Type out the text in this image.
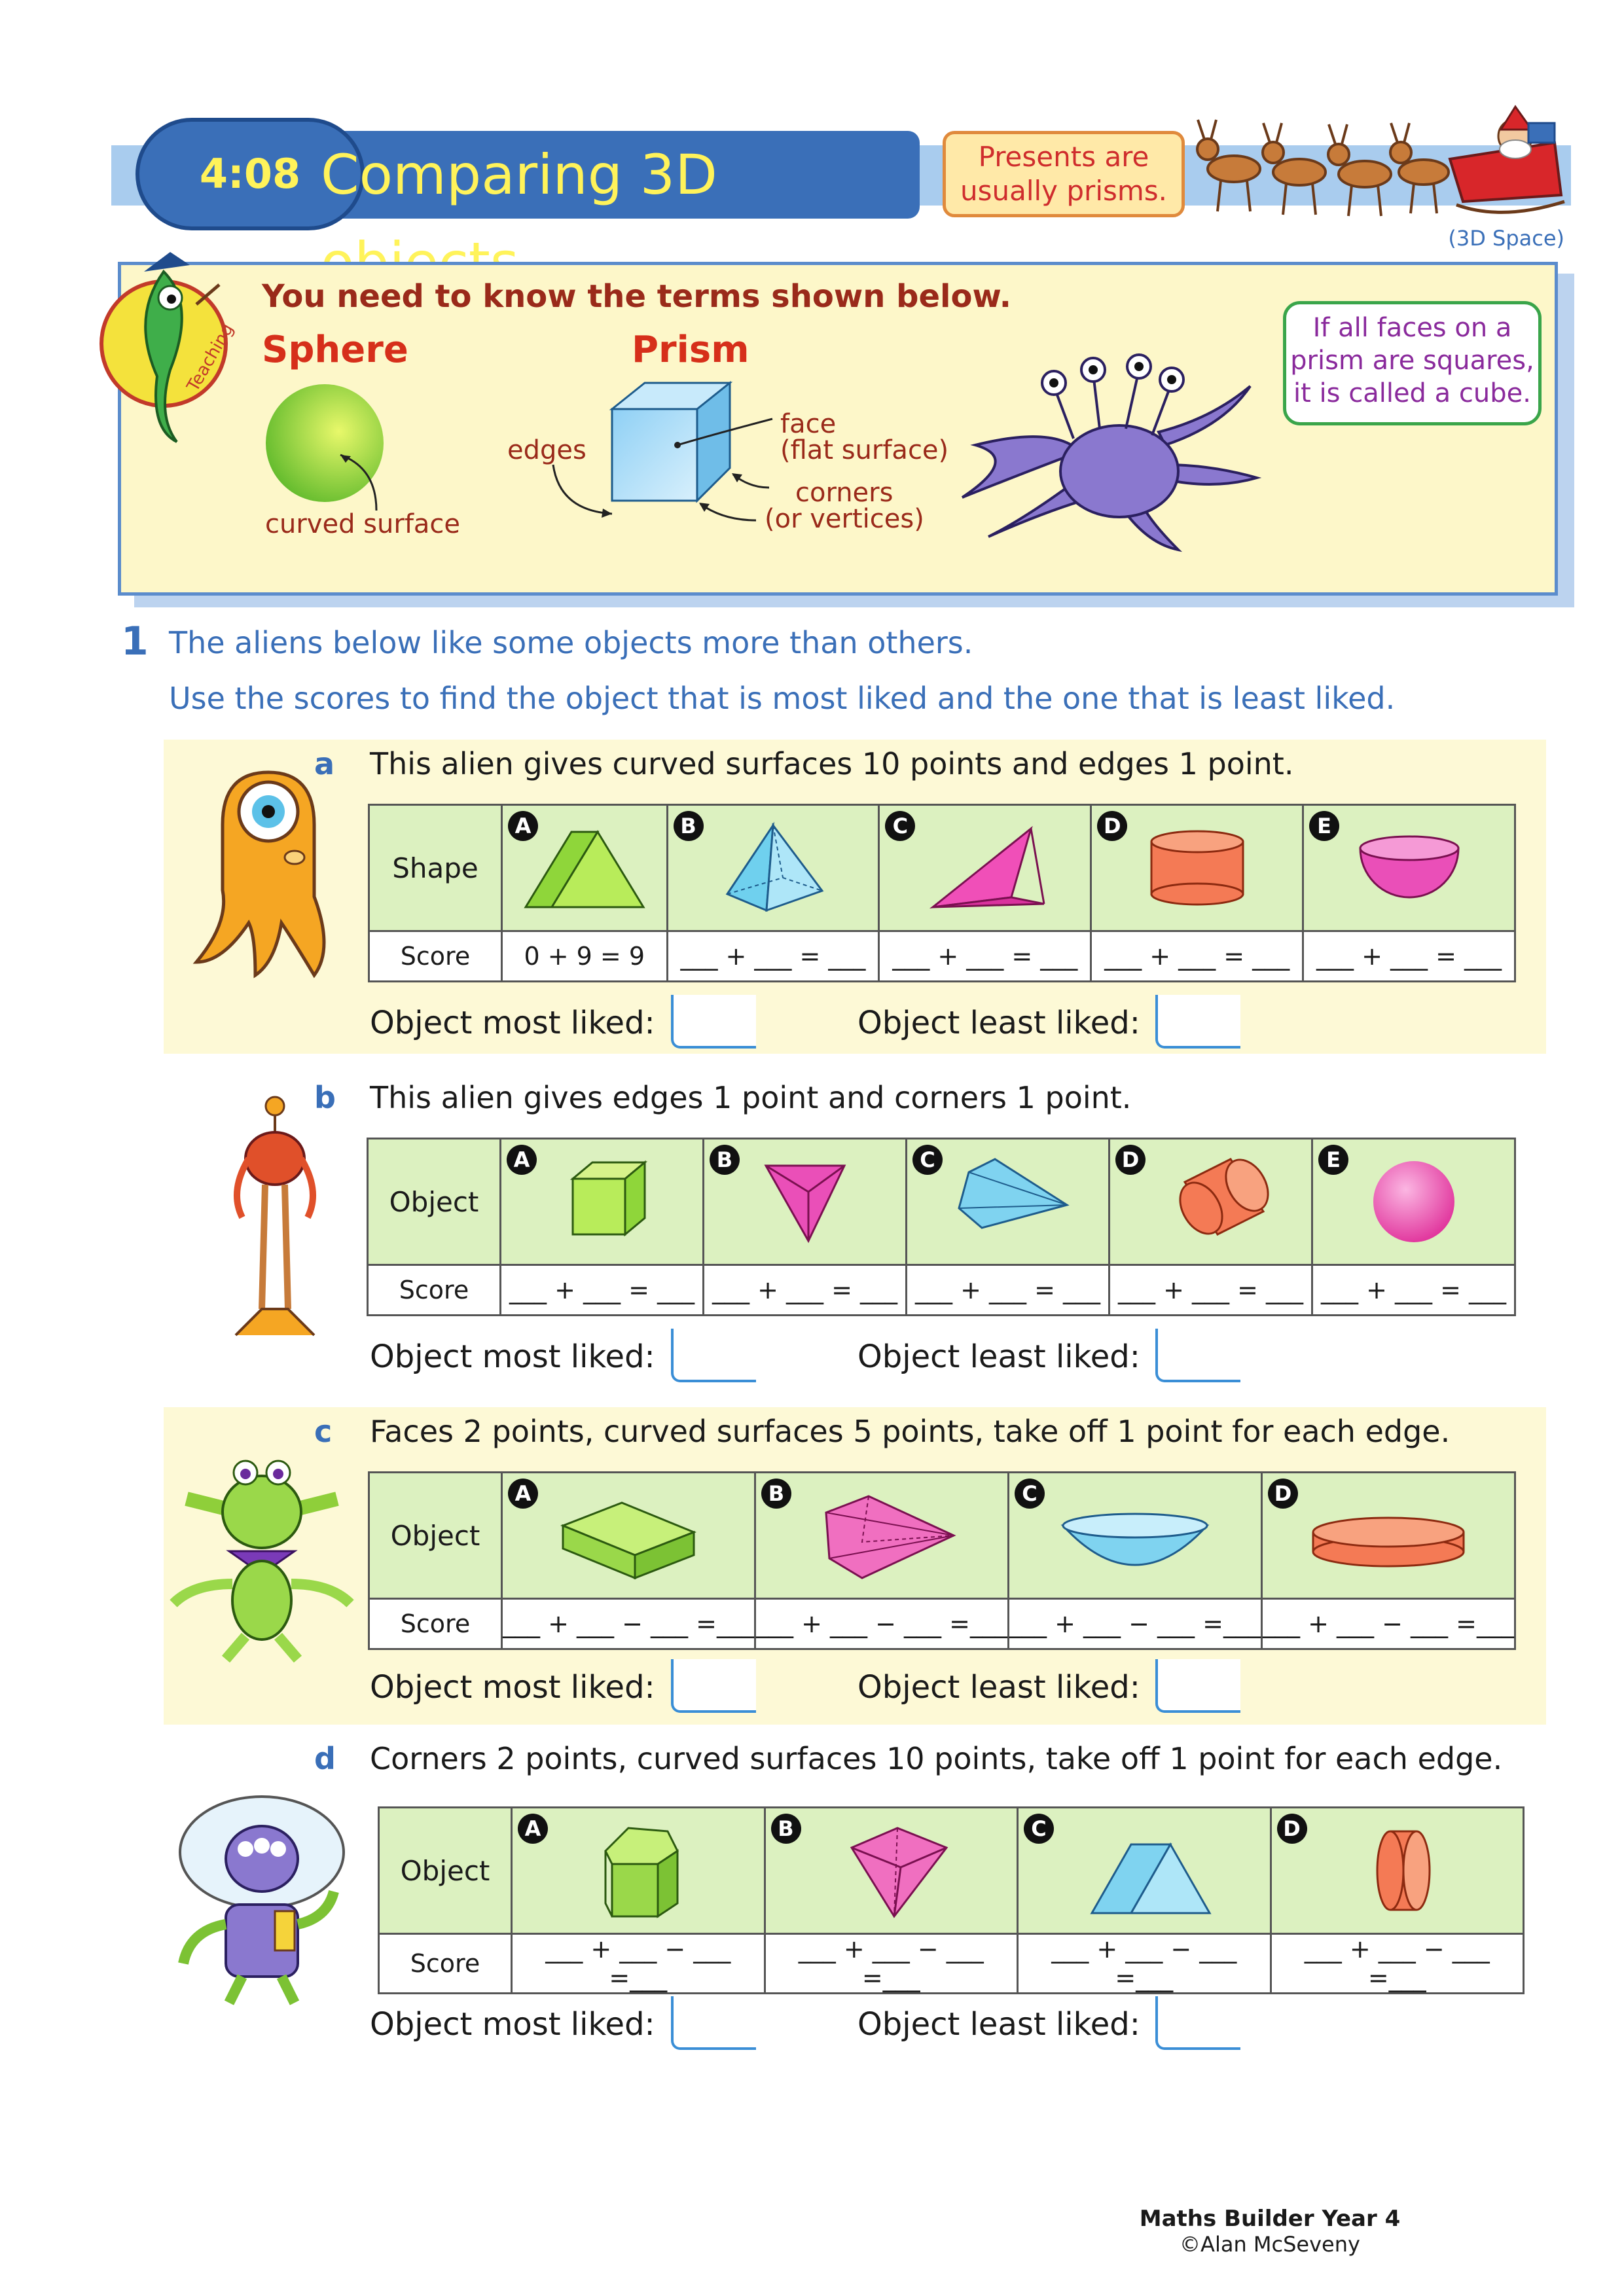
4:08 Comparing 3D	Presents are
usually prisms.
(3D Space)
Teaching
You need to know the terms shown below.
Sphere	Prism
curved surface
edges
face
(flat surface)
corners
(or vertices)
If all faces on a
prism are squares,
it is called a cube.
1 The aliens below like some objects more than others.
Use the scores to find the object that is most liked and the one that is least liked.
a This alien gives curved surfaces 10 points and edges 1 point.
Shape	A	B	C	D	E

Score	0 + 9 = 9	___ + ___ = ___	___ + ___ = ___	___ + ___ = ___	___ + ___ = ___
Object most liked:	Object least liked:
b This alien gives edges 1 point and corners 1 point.
Object	A	B	C	D	E

Score	___ + ___ = ___	___ + ___ = ___	___ + ___ = ___	___ + ___ = ___	___ + ___ = ___
Object most liked:	Object least liked:
c Faces 2 points, curved surfaces 5 points, take off 1 point for each edge.
Object	A	B	C	D

Score	___ + ___ − ___ =___	___ + ___ − ___ =___	___ + ___ − ___ =___	___ + ___ − ___ =___
Object most liked:	Object least liked:
d Corners 2 points, curved surfaces 10 points, take off 1 point for each edge.
Object	A	B	C	D

Score	___ + ___ − ___ =___	___ + ___ − ___ =___	___ + ___ − ___ =___	___ + ___ − ___ =___
Object most liked:	Object least liked:
Maths Builder Year 4
©Alan McSeveny
